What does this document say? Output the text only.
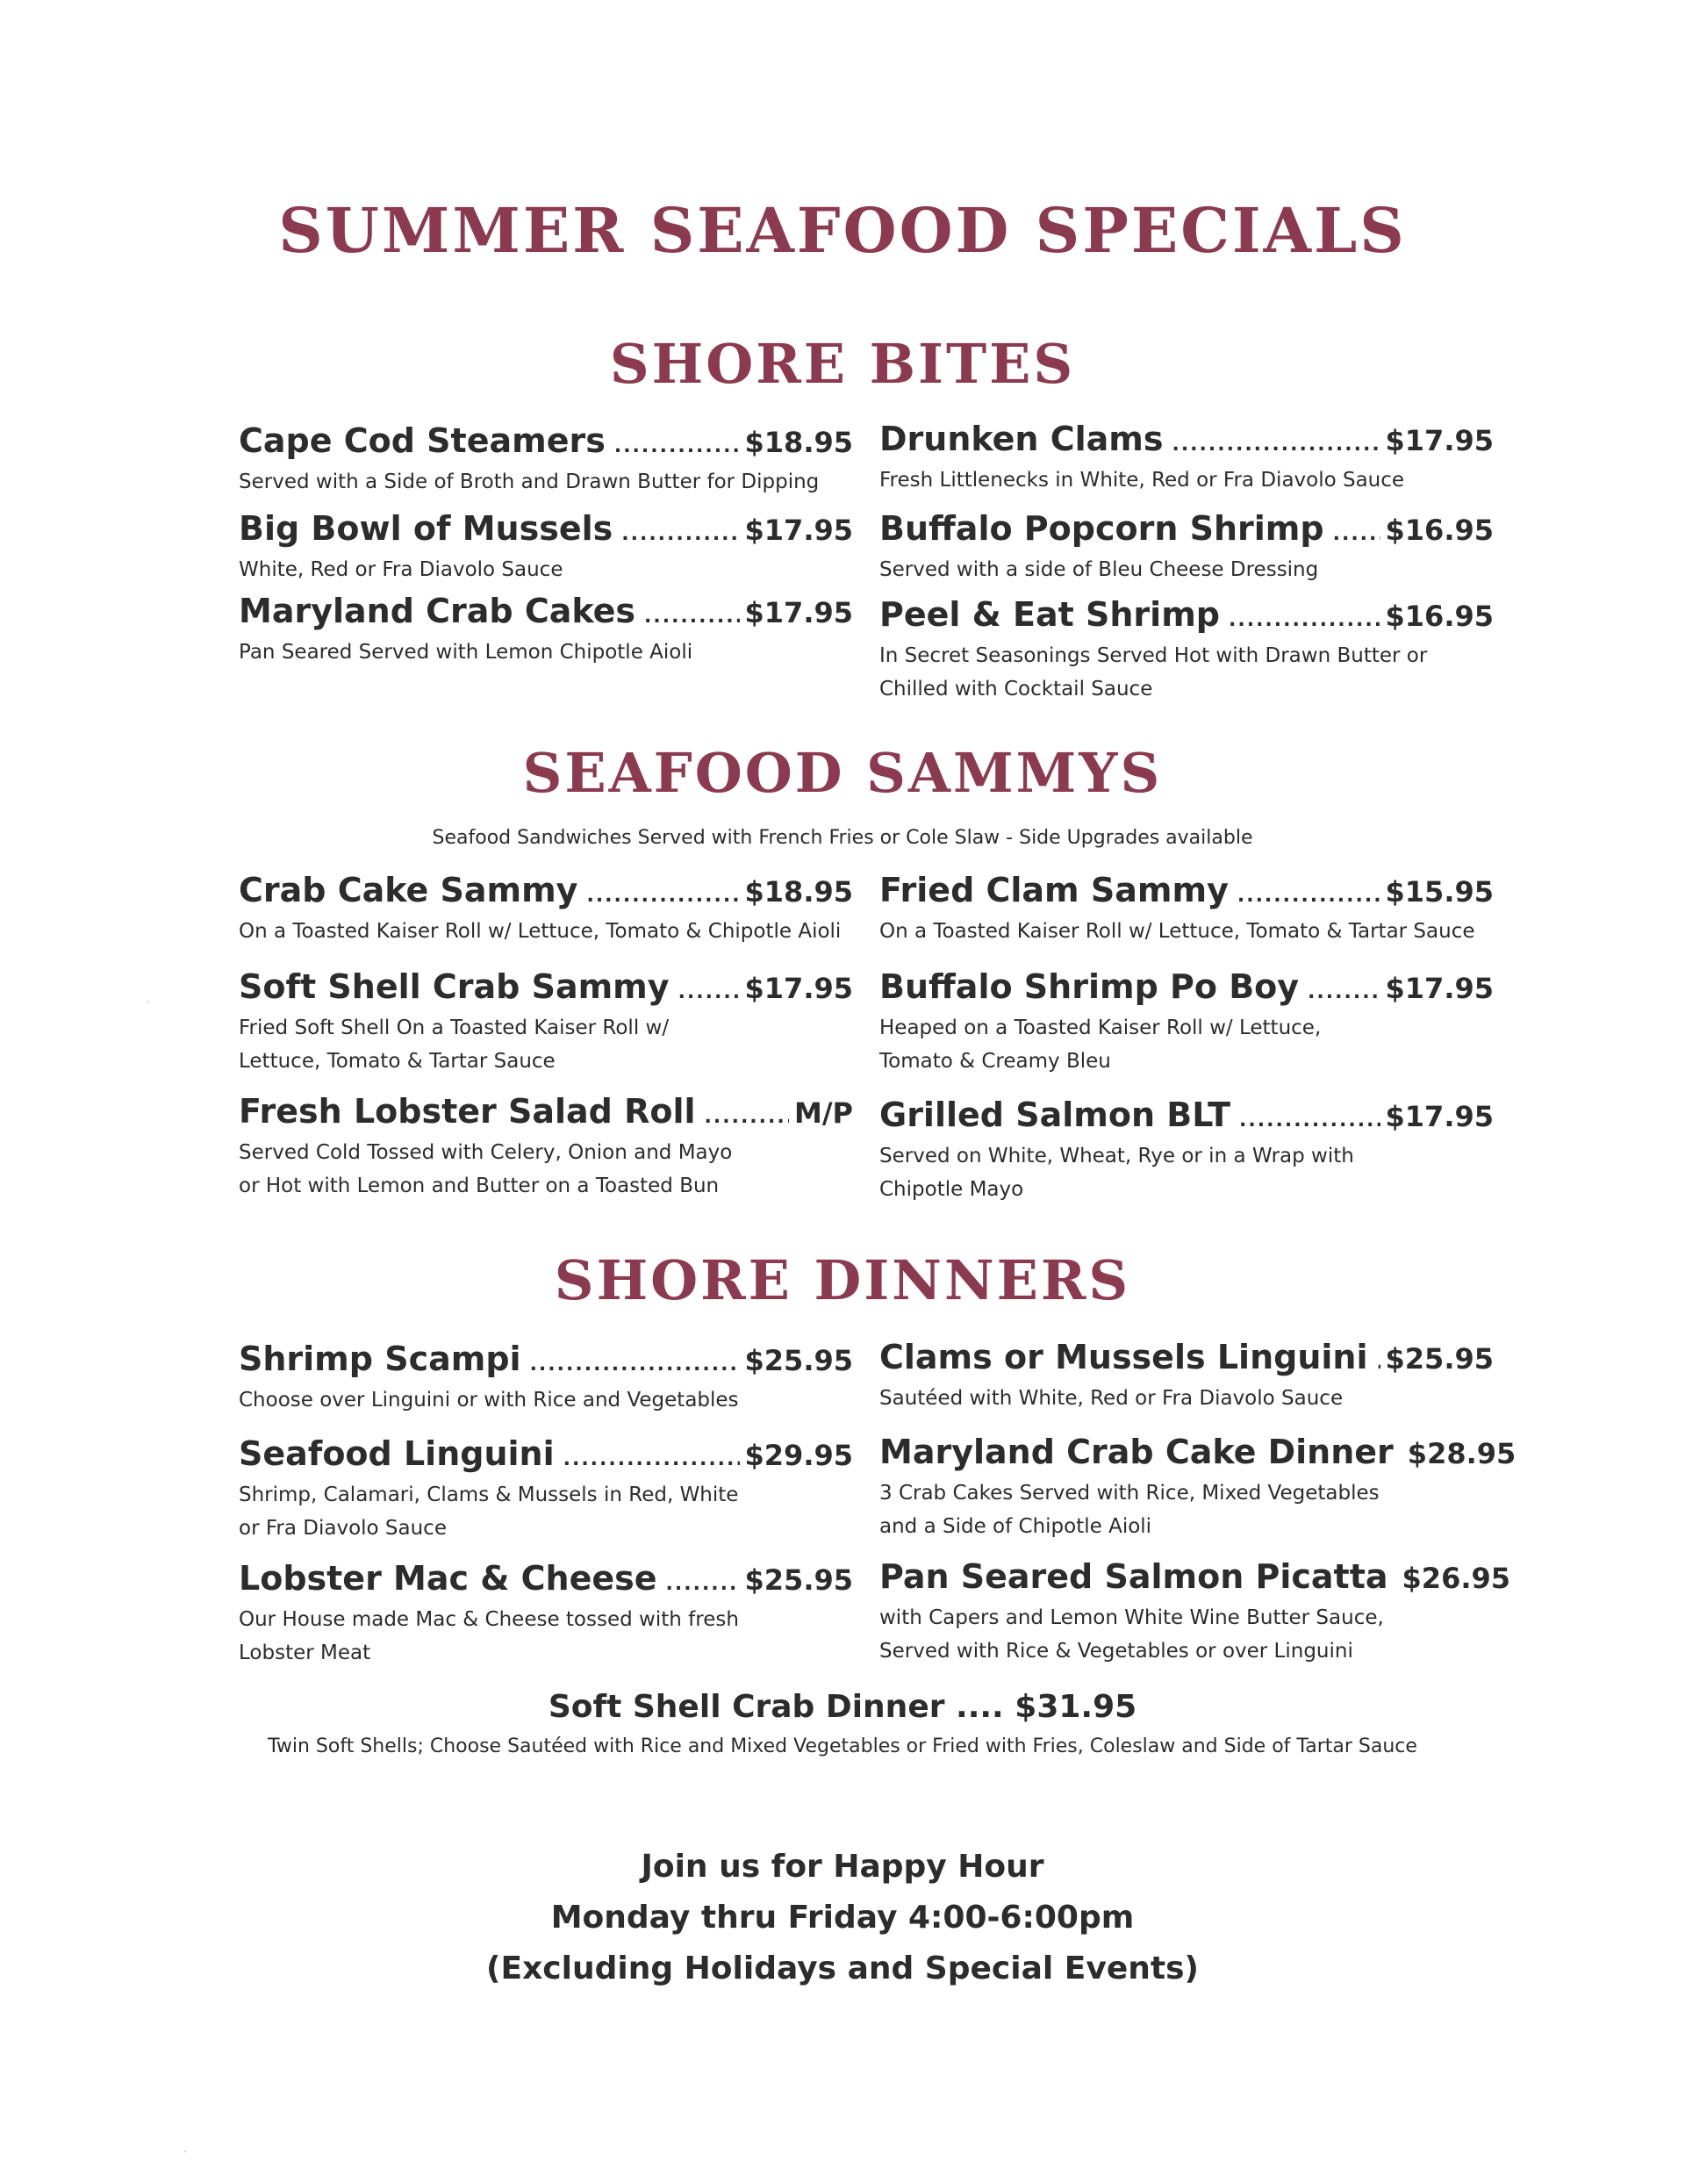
SUMMER SEAFOOD SPECIALS
SHORE BITES
Cape Cod Steamers .....	$18.95
Served with a Side of Broth and Drawn Butter for Dipping
Drunken Clams .....	$17.95
Fresh Littlenecks in White, Red or Fra Diavolo Sauce
Big Bowl of Mussels .....	$17.95
White, Red or Fra Diavolo Sauce
Buffalo Popcorn Shrimp ..... $16.95
Served with a side of Bleu Cheese Dressing
Maryland Crab Cakes .....	$17.95
Pan Seared Served with Lemon Chipotle Aioli
Peel & Eat Shrimp .....	$16.95
In Secret Seasonings Served Hot with Drawn Butter or
Chilled with Cocktail Sauce
SEAFOOD SAMMYS
Seafood Sandwiches Served with French Fries or Cole Slaw - Side Upgrades available
Crab Cake Sammy .....	$18.95
On a Toasted Kaiser Roll w/ Lettuce, Tomato & Chipotle Aioli
Fried Clam Sammy .....	$15.95
On a Toasted Kaiser Roll w/ Lettuce, Tomato & Tartar Sauce
Soft Shell Crab Sammy .....	$17.95
Fried Soft Shell On a Toasted Kaiser Roll w/
Lettuce, Tomato & Tartar Sauce
Buffalo Shrimp Po Boy .....	$17.95
Heaped on a Toasted Kaiser Roll w/ Lettuce,
Tomato & Creamy Bleu
Fresh Lobster Salad Roll .....	M/P
Served Cold Tossed with Celery, Onion and Mayo
or Hot with Lemon and Butter on a Toasted Bun
Grilled Salmon BLT .....	$17.95
Served on White, Wheat, Rye or in a Wrap with
Chipotle Mayo
SHORE DINNERS
Shrimp Scampi .....	$25.95
Choose over Linguini or with Rice and Vegetables
Clams or Mussels Linguini ..... $25.95
Sautéed with White, Red or Fra Diavolo Sauce
Seafood Linguini .....	$29.95
Shrimp, Calamari, Clams & Mussels in Red, White
or Fra Diavolo Sauce
Maryland Crab Cake Dinner $28.95
3 Crab Cakes Served with Rice, Mixed Vegetables
and a Side of Chipotle Aioli
Lobster Mac & Cheese .....	$25.95
Our House made Mac & Cheese tossed with fresh
Lobster Meat
Pan Seared Salmon Picatta $26.95
with Capers and Lemon White Wine Butter Sauce,
Served with Rice & Vegetables or over Linguini
Soft Shell Crab Dinner .... $31.95
Twin Soft Shells; Choose Sautéed with Rice and Mixed Vegetables or Fried with Fries, Coleslaw and Side of Tartar Sauce
Join us for Happy Hour
Monday thru Friday 4:00-6:00pm
(Excluding Holidays and Special Events)
